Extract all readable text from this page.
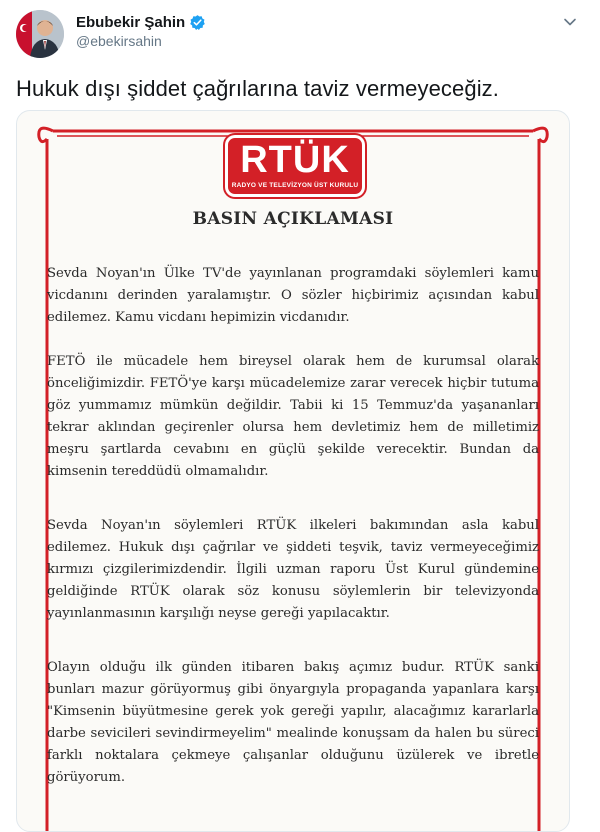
Ebubekir Şahin
@ebekirsahin
Hukuk dışı şiddet çağrılarına taviz vermeyeceğiz.
RTÜK
RADYO VE TELEVİZYON ÜST KURULU
BASIN AÇIKLAMASI
Sevda Noyan'ın Ülke TV'de yayınlanan programdaki söylemleri kamu vicdanını derinden yaralamıştır. O sözler hiçbirimiz açısından kabul edilemez. Kamu vicdanı hepimizin vicdanıdır.
FETÖ ile mücadele hem bireysel olarak hem de kurumsal olarak önceliğimizdir. FETÖ'ye karşı mücadelemize zarar verecek hiçbir tutuma göz yummamız mümkün değildir. Tabii ki 15 Temmuz'da yaşananları tekrar aklından geçirenler olursa hem devletimiz hem de milletimiz meşru şartlarda cevabını en güçlü şekilde verecektir. Bundan da kimsenin tereddüdü olmamalıdır.
Sevda Noyan'ın söylemleri RTÜK ilkeleri bakımından asla kabul edilemez. Hukuk dışı çağrılar ve şiddeti teşvik, taviz vermeyeceğimiz kırmızı çizgilerimizdendir. İlgili uzman raporu Üst Kurul gündemine geldiğinde RTÜK olarak söz konusu söylemlerin bir televizyonda yayınlanmasının karşılığı neyse gereği yapılacaktır.
Olayın olduğu ilk günden itibaren bakış açımız budur. RTÜK sanki bunları mazur görüyormuş gibi önyargıyla propaganda yapanlara karşı "Kimsenin büyütmesine gerek yok gereği yapılır, alacağımız kararlarla darbe sevicileri sevindirmeyelim" mealinde konuşsam da halen bu süreci farklı noktalara çekmeye çalışanlar olduğunu üzülerek ve ibretle görüyorum.
